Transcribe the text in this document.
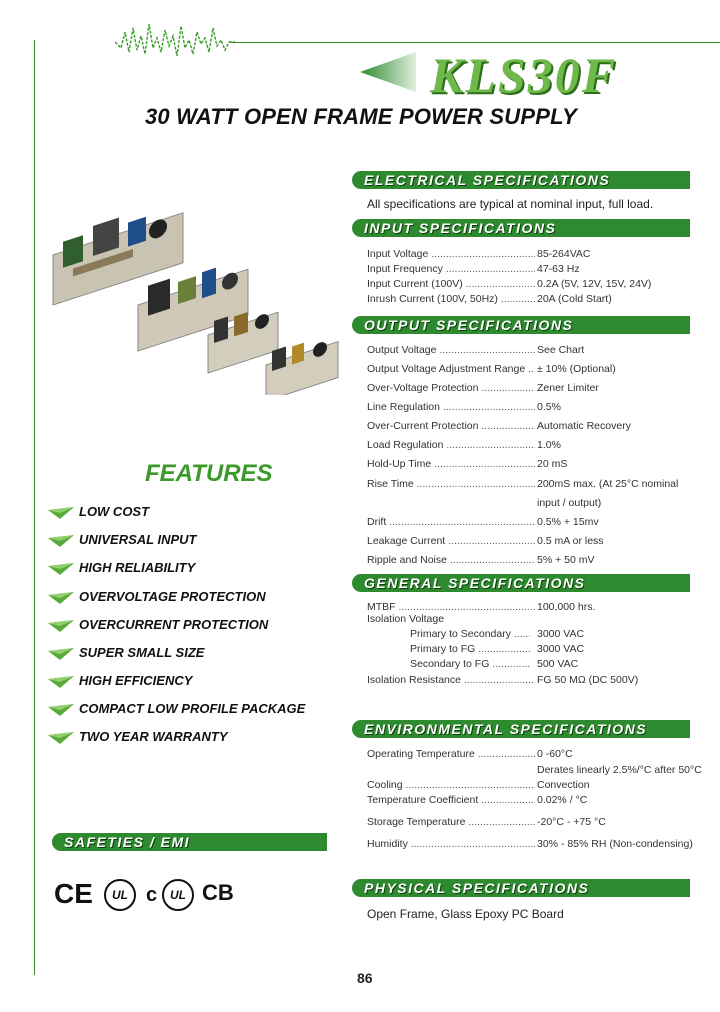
KLS30F
30 WATT OPEN FRAME POWER SUPPLY
ELECTRICAL SPECIFICATIONS
All specifications are typical at nominal input, full load.
INPUT SPECIFICATIONS
Input Voltage .....	85-264VAC
Input Frequency .....	47-63 Hz
Input Current (100V) .....	0.2A (5V, 12V, 15V, 24V)
Inrush Current (100V, 50Hz) .....	20A (Cold Start)
OUTPUT SPECIFICATIONS
Output Voltage .....	See Chart
Output Voltage Adjustment Range .....	± 10% (Optional)
Over-Voltage Protection .....	Zener Limiter
Line Regulation .....	0.5%
Over-Current Protection .....	Automatic Recovery
Load Regulation .....	1.0%
Hold-Up Time .....	20 mS
Rise Time .....	200mS max. (At 25°C nominal
input / output)
Drift .....	0.5% + 15mv
Leakage Current .....	0.5 mA or less
Ripple and Noise .....	5% + 50 mV
GENERAL SPECIFICATIONS
MTBF .....	100,000 hrs.
Isolation Voltage
Primary to Secondary .....	3000 VAC
Primary to FG .....	3000 VAC
Secondary to FG .....	500 VAC
Isolation Resistance .....	FG 50 MΩ (DC 500V)
ENVIRONMENTAL SPECIFICATIONS
Operating Temperature .....	0 -60°C
Derates linearly 2.5%/°C after 50°C
Cooling .....	Convection
Temperature Coefficient .....	0.02% / °C
Storage Temperature .....	-20°C - +75 °C
Humidity .....	30% - 85% RH (Non-condensing)
PHYSICAL SPECIFICATIONS
Open Frame, Glass Epoxy PC Board
FEATURES
LOW COST
UNIVERSAL INPUT
HIGH RELIABILITY
OVERVOLTAGE PROTECTION
OVERCURRENT PROTECTION
SUPER SMALL SIZE
HIGH EFFICIENCY
COMPACT LOW PROFILE PACKAGE
TWO YEAR WARRANTY
SAFETIES / EMI
CE	UL c	UL CB
86
